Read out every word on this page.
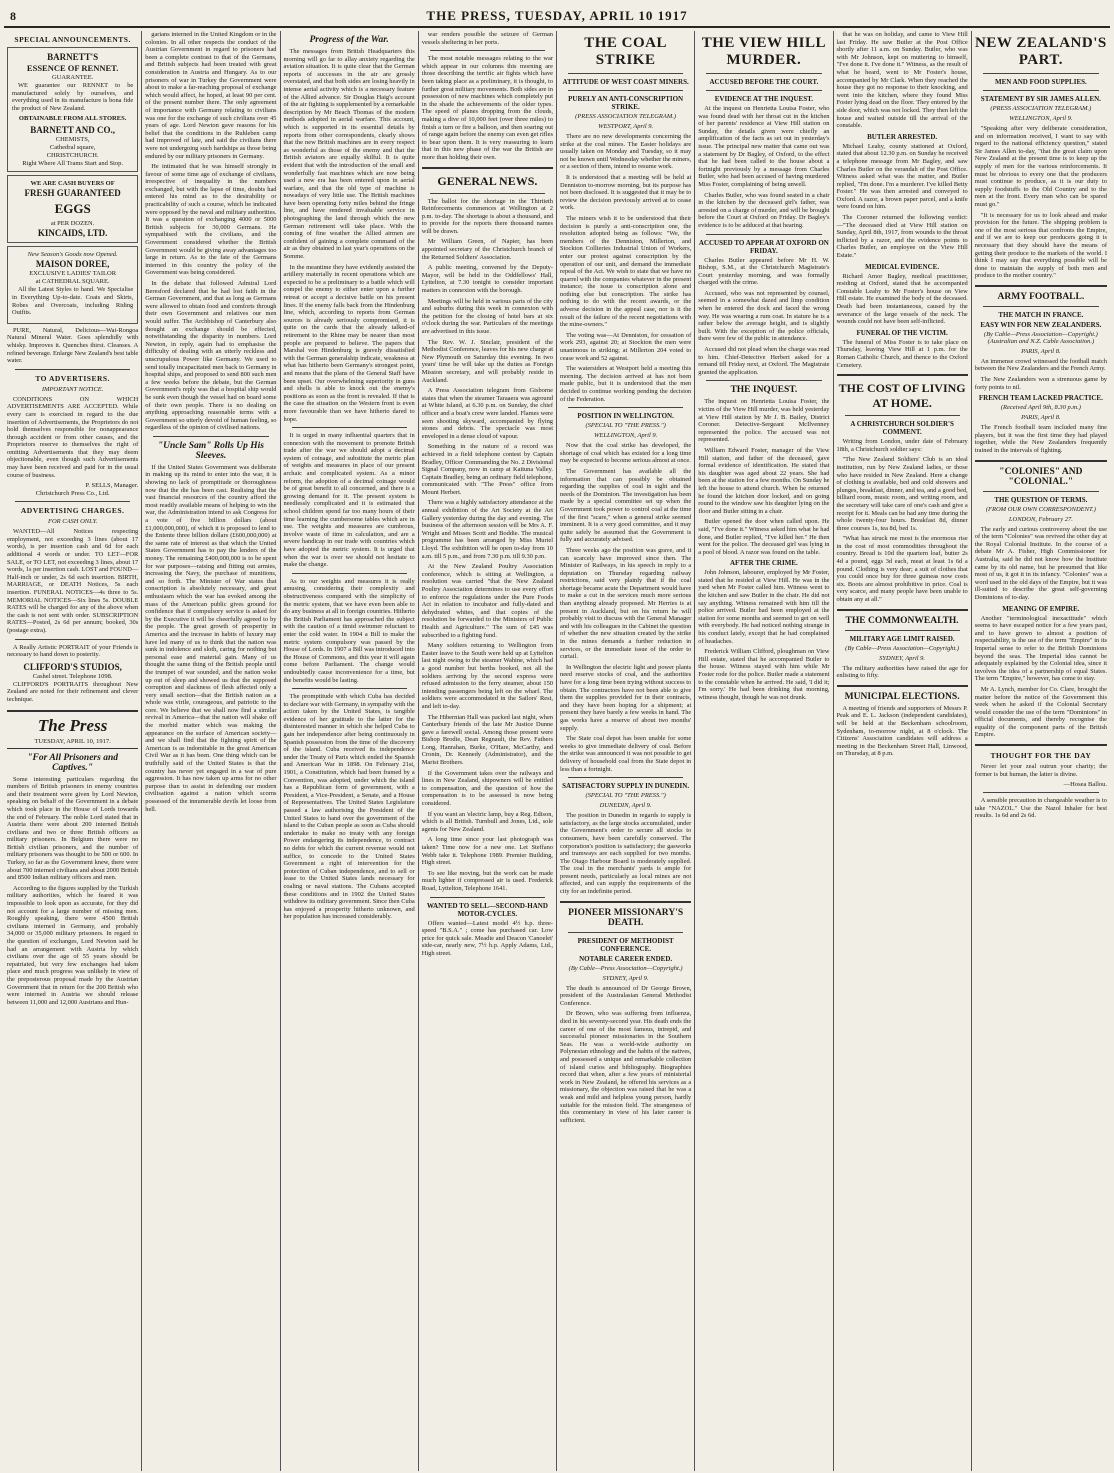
8	THE PRESS, TUESDAY, APRIL 10 1917
SPECIAL ANNOUNCEMENTS.
BARNETT'S
ESSENCE OF RENNET.
GUARANTEE.

WE guarantee our RENNET to be manufactured solely by ourselves, and everything used in its manufacture is bona fide the product of New Zealand.

OBTAINABLE FROM ALL STORES.
BARNETT AND CO.,
CHEMISTS,
Cathedral square,
CHRISTCHURCH.
Right Where All Trams Start and Stop.
WE ARE CASH BUYERS OF
FRESH GUARANTEED
EGGS
at PER DOZEN.
KINCAIDS, LTD.
New Season's Goods now Opened.
MAISON DOREE,
EXCLUSIVE LADIES' TAILOR
at CATHEDRAL SQUARE.

All the Latest Styles to hand. We Specialise in Everything Up-to-date. Coats and Skirts, Robes and Overcoats, including Riding Outfits.

PURE, Natural, Delicious—Wai-Rongoa Natural Mineral Water. Goes splendidly with whisky. Improves it. Quenches thirst. Cleanses. A refined beverage. Enlarge New Zealand's best table water.

TO ADVERTISERS.
IMPORTANT NOTICE.

CONDITIONS ON WHICH ADVERTISEMENTS ARE ACCEPTED. While every care is exercised in regard to the due insertion of Advertisements, the Proprietors do not hold themselves responsible for nonappearance through accident or from other causes, and the Proprietors reserve to themselves the right of omitting Advertisements that they may deem objectionable, even though such Advertisements may have been received and paid for in the usual course of business.

P. SELLS, Manager.
Christchurch Press Co., Ltd.
ADVERTISING CHARGES.
FOR CASH ONLY.

WANTED—All Notices respecting employment, not exceeding 3 lines (about 17 words), is per insertion cash and 6d for each additional 4 words or under. TO LET—FOR SALE, or TO LET, not exceeding 3 lines, about 17 words, 1s per insertion cash. LOST and FOUND—Half-inch or under, 2s 6d each insertion. BIRTH, MARRIAGE, or DEATH Notices, 5s each insertion. FUNERAL NOTICES—4s three to 5s. MEMORIAL NOTICES—Six lines 5s. DOUBLE RATES will be charged for any of the above when the cash is not sent with order. SUBSCRIPTION RATES—Posted, 2s 6d per annum; booked, 30s (postage extra).

A Really Artistic PORTRAIT of your Friends is necessary to hand down to posterity.

CLIFFORD'S STUDIOS,
Cashel street. Telephone 1098.

CLIFFORD'S PORTRAITS throughout New Zealand are noted for their refinement and clever technique.

The Press
TUESDAY, APRIL 10, 1917.
"For All Prisoners and Captives."

Some interesting particulars regarding the numbers of British prisoners in enemy countries and their treatment were given by Lord Newton, speaking on behalf of the Government in a debate which took place in the House of Lords towards the end of February. The noble Lord stated that in Austria there were about 200 interned British civilians and two or three British officers as military prisoners. In Belgium there were no British civilian prisoners, and the number of military prisoners was thought to be 500 or 600. In Turkey, so far as the Government knew, there were about 700 interned civilians and about 2000 British and 8500 Indian military officers and men.

According to the figures supplied by the Turkish military authorities, which he feared it was impossible to look upon as accurate, for they did not account for a large number of missing men. Roughly speaking, there were 4500 British civilians interned in Germany, and probably 34,000 or 35,000 military prisoners. In regard to the question of exchanges, Lord Newton said he had an arrangement with Austria by which civilians over the age of 55 years should be repatriated, but very few exchanges had taken place and much progress was unlikely in view of the preposterous proposal made by the Austrian Government that in return for the 200 British who were interned in Austria we should release between 11,000 and 12,000 Austrians and Hun-

garians interned in the United Kingdom or in the colonies. In all other respects the conduct of the Austrian Government in regard to prisoners had been a complete contrast to that of the Germans, and British subjects had been treated with great consideration in Austria and Hungary. As to our prisoners of war in Turkey the Government were about to make a far-reaching proposal of exchange which would affect, he hoped, at least 90 per cent. of the present number there. The only agreement of importance with Germany relating to civilians was one for the exchange of such civilians over 45 years of age. Lord Newton gave reasons for his belief that the conditions in the Ruhleben camp had improved of late, and said the civilians there were not undergoing such hardships as those being endured by our military prisoners in Germany.

He intimated that he was himself strongly in favour of some time age of exchange of civilians, irrespective of inequality in the numbers exchanged, but with the lapse of time, doubts had entered his mind as to the desirability or practicability of such a course, which he indicated were opposed by the naval and military authorities. It was a question of exchanging 4000 or 5000 British subjects for 30,000 Germans. He sympathised with the civilians, and the Government considered whether the British Government would be giving away advantages too large in return. As to the fate of the Germans interned in this country the policy of the Government was being considered.

In the debate that followed Admiral Lord Beresford declared that he had lost faith in the German Government, and that as long as Germans were allowed to obtain food and comforts through their own Government and relatives our men would suffer. The Archbishop of Canterbury also thought an exchange should be effected, notwithstanding the disparity in numbers. Lord Newton, in reply, again had to emphasise the difficulty of dealing with an utterly reckless and unscrupulous Power like Germany. We used to send totally incapacitated men back to Germany in hospital ships, and proposed to send 800 such men a few weeks before the debate, but the German Government's reply was that a hospital ship would be sunk even though the vessel had on board some of their own people. There is no dealing on anything approaching reasonable terms with a Government so utterly devoid of human feeling, so regardless of the opinion of civilised nations.

"Uncle Sam" Rolls Up His Sleeves.

If the United States Government was deliberate in making up its mind to enter into the war, it is showing no lack of promptitude or thoroughness now that the die has been cast. Realising that the vast financial resources of the country afford the most readily available means of helping to win the war, the Administration intend to ask Congress for a vote of five billion dollars (about £1,000,000,000), of which it is proposed to lend to the Entente three billion dollars (£600,000,000) at the same rate of interest as that which the United States Government has to pay the lenders of the money. The remaining £400,000,000 is to be spent for war purposes—raising and fitting out armies, increasing the Navy, the purchase of munitions, and so forth. The Minister of War states that conscription is absolutely necessary, and great enthusiasm which the war has evoked among the mass of the American public gives ground for confidence that if compulsory service is asked for by the Executive it will be cheerfully agreed to by the people. The great growth of prosperity in America and the increase in habits of luxury may have led many of us to think that the nation was sunk in indolence and sloth, caring for nothing but personal ease and material gain. Many of us thought the same thing of the British people until the trumpet of war sounded, and the nation woke up out of sleep and showed us that the supposed corruption and slackness of flesh affected only a very small section—that the British nation as a whole was virile, courageous, and patriotic to the core. We believe that we shall now find a similar revival in America—that the nation will shake off the morbid matter which was making the appearance on the surface of American society—and we shall find that the fighting spirit of the American is as indomitable in the great American Civil War as it has been. One thing which can be truthfully said of the United States is that the country has never yet engaged in a war of pure aggression. It has now taken up arms for no other purpose than to assist in defending our modern civilisation against a nation which scorns possessed of the innumerable devils let loose from hell.

Progress of the War.

The messages from British Headquarters this morning will go far to allay anxiety regarding the aviation situation. It is quite clear that the German reports of successes in the air are grossly overstated, and that both sides are losing heavily in intense aerial activity which is a necessary feature of the Allied advance. Sir Douglas Haig's account of the air fighting is supplemented by a remarkable description by Mr Beach Thomas of the modern methods adopted in aerial warfare. This account, which is supported in its essential details by reports from other correspondents, clearly shows that the new British machines are in every respect as wonderful as those of the enemy and that the British aviators are equally skilful. It is quite evident that with the introduction of the small and wonderfully fast machines which are now being used a new era has been entered upon in aerial warfare, and that the old type of machine is nowadays of very little use. The British machines have been operating forty miles behind the fringe line, and have rendered invaluable service in photographing the land through which the new German retirement will take place. With the coming of fine weather the Allied airmen are confident of gaining a complete command of the air as they obtained in last year's operations on the Somme.

In the meantime they have evidently assisted the artillery materially in recent operations which are expected to be a preliminary to a battle which will compel the enemy to either enter upon a further retreat or accept a decisive battle on his present lines. If the enemy falls back from the Hindenburg line, which, according to reports from German sources is already seriously compromised, it is quite on the cards that the already talked-of retirement to the Rhine may be nearer than most people are prepared to believe. The papers that Marshal von Hindenburg is gravely dissatisfied with the German generalship indicate, weakness at what has hitherto been Germany's strongest point, and means that the plans of the General Staff have been upset. Our overwhelming superiority in guns and shells is able to knock out the enemy's positions as soon as the front is revealed. If that is the case the situation on the Western front is even more favourable than we have hitherto dared to hope.

It is urged in many influential quarters that in connexion with the movement to promote British trade after the war we should adopt a decimal system of coinage, and substitute the metric plan of weights and measures in place of our present archaic and complicated system. As a minor reform, the adoption of a decimal coinage would be of great benefit to all concerned, and there is a growing demand for it. The present system is needlessly complicated and it is estimated that school children spend far too many hours of their time learning the cumbersome tables which are in use. The weights and measures are cumbrous, involve waste of time in calculation, and are a severe handicap in our trade with countries which have adopted the metric system. It is urged that when the war is over we should not hesitate to make the change.

As to our weights and measures it is really amusing, considering their complexity and obstructiveness compared with the simplicity of the metric system, that we have even been able to do any business at all in foreign countries. Hitherto the British Parliament has approached the subject with the caution of a timid swimmer reluctant to enter the cold water. In 1904 a Bill to make the metric system compulsory was passed by the House of Lords. In 1907 a Bill was introduced into the House of Commons, and this year it will again come before Parliament. The change would undoubtedly cause inconvenience for a time, but the benefits would be lasting.

The promptitude with which Cuba has decided to declare war with Germany, in sympathy with the action taken by the United States, is tangible evidence of her gratitude to the latter for the disinterested manner in which she helped Cuba to gain her independence after being continuously in Spanish possession from the time of the discovery of the island. Cuba received its independence under the Treaty of Paris which ended the Spanish and American War in 1898. On February 21st, 1901, a Constitution, which had been framed by a Convention, was adopted, under which the island has a Republican form of government, with a President, a Vice-President, a Senate, and a House of Representatives. The United States Legislature passed a law authorising the President of the United States to hand over the government of the island to the Cuban people as soon as Cuba should undertake to make no treaty with any foreign Power endangering its independence, to contract no debts for which the current revenue would not suffice, to concede to the United States Government a right of intervention for the protection of Cuban independence, and to sell or lease to the United States lands necessary for coaling or naval stations. The Cubans accepted these conditions and in 1902 the United States withdrew its military government. Since then Cuba has enjoyed a prosperity hitherto unknown, and her population has increased considerably.

war renders possible the seizure of German vessels sheltering in her ports.

The most notable messages relating to the war which appear in our columns this morning are those describing the terrific air fights which have been taking place as a preliminary, it is thought, to further great military movements. Both sides are in possession of new machines which completely put in the shade the achievements of the older types. The speed of planes dropping from the clouds, making a dive of 10,000 feet (over three miles) to finish a turn or fire a balloon, and then soaring out of range again before the enemy can even get rifles to bear upon them. It is very reassuring to learn that in this new phase of the war the British are more than holding their own.

GENERAL NEWS.

The ballot for the shortage in the Thirtieth Reinforcements commences at Wellington at 2 p.m. to-day. The shortage is about a thousand, and to provide for the reports there thousand names will be drawn.

Mr William Green, of Napier, has been appointed secretary of the Christchurch branch of the Returned Soldiers' Association.

A public meeting, convened by the Deputy-Mayor, will be held in the Oddfellows' Hall, Lyttelton, at 7.30 tonight to consider important matters in connexion with the borough.

Meetings will be held in various parts of the city and suburbs during this week in connexion with the petition for the closing of hotel bars at six o'clock during the war. Particulars of the meetings are advertised in this issue.

The Rev. W. J. Sinclair, president of the Methodist Conference, leaves for his new charge at New Plymouth on Saturday this evening. In two years' time he will take up the duties as Foreign Mission secretary, and will probably reside in Auckland.

A Press Association telegram from Gisborne states that when the steamer Taraaera was aground at White Island, at 6.30 p.m. on Sunday, the chief officer and a boat's crew were landed. Flames were seen shooting skyward, accompanied by flying stones and debris. The spectacle was most enveloped in a dense cloud of vapour.

Something in the nature of a record was achieved in a field telephone contest by Captain Bradley, Officer Commanding the No. 2 Divisional Signal Company, now in camp at Kaituna Valley. Captain Bradley, being an ordinary field telephone, communicated with "The Press" office from Mount Herbert.

There was a highly satisfactory attendance at the annual exhibition of the Art Society at the Art Gallery yesterday during the day and evening. The business of the afternoon session will be Mrs A. F. Wright and Misses Scott and Boddie. The musical programme has been arranged by Miss Muriel Lloyd. The exhibition will be open to-day from 10 a.m. till 5 p.m., and from 7.30 p.m. till 9.30 p.m.

At the New Zealand Poultry Association conference, which is sitting at Wellington, a resolution was carried "that the New Zealand Poultry Association determines to use every effort to enforce the regulations under the Pure Foods Act in relation to incubator and fully-dated and dehydrated whites, and that copies of the resolution be forwarded to the Ministers of Public Health and Agriculture." The sum of £45 was subscribed to a fighting fund.

Many soldiers returning to Wellington from Easter leave to the South were held up at Lyttelton last night owing to the steamer Wahine, which had a good number but berths booked, not all the soldiers arriving by the second express were refused admission to the ferry steamer, about 150 intending passengers being left on the wharf. The soldiers were accommodated in the Sailors' Rest, and left to-day.

The Hibernian Hall was packed last night, when Canterbury friends of the late Mr Justice Dunne gave a farewell social. Among those present were Bishop Brodie, Dean Regnault, the Rev. Fathers Long, Hanrahan, Burke, O'Hare, McCarthy, and Cronin, Dr. Kennedy (Administrator), and the Marist Brothers.

If the Government takes over the railways and lines in New Zealand, shipowners will be entitled to compensation, and the question of how the compensation is to be assessed is now being considered.

If you want an 'electric lamp, buy a Reg. Edison, which is all British. Turnbull and Jones, Ltd., sole agents for New Zealand.

A long time since your last photograph was taken? Time now for a new one. Let Steffano Webb take it. Telephone 1989. Premier Building, High street.

To see like moving, but the work can be made much lighter if compressed air is used. Frederick Road, Lyttelton, Telephone 1641.

WANTED TO SELL—SECOND-HAND MOTOR-CYCLES.

Offers wanted—Latest model 4½ h.p. three-speed "B.S.A." ; come has purchased car. Low price for quick sale. Meadie and Deacon 'Canoelet' side-car, nearly new, 7½ h.p. Apply Adams, Ltd., High street.

THE COAL STRIKE
ATTITUDE OF WEST COAST MINERS.
PURELY AN ANTI-CONSCRIPTION STRIKE.
(PRESS ASSOCIATION TELEGRAM.)
WESTPORT, April 9.

There are no new developments concerning the strike at the coal mines. The Easter holidays are usually taken on Monday and Tuesday, so it may not be known until Wednesday whether the miners, or a section of them, intend to resume work.

It is understood that a meeting will be held at Denniston to-morrow morning, but its purpose has not been disclosed. It is suggested that it may be to review the decision previously arrived at to cease work.

The miners wish it to be understood that their decision is purely a anti-conscription one, the resolution adopted being as follows: "We, the members of the Denniston, Millerton, and Stockton Collieries Industrial Union of Workers, enter our protest against conscription by the operation of our unit, and demand the immediate repeal of the Act. We wish to state that we have no quarrel with the companies whatever in the present instance; the issue is conscription alone and nothing else but conscription. The strike has nothing to do with the recent awards, or the adverse decision in the appeal case, nor is it the result of the failure of the recent negotiations with the mine-owners."

The voting was—At Denniston, for cessation of work 293, against 20; at Stockton the men were unanimous in striking; at Millerton 204 voted to cease work and 52 against.

The watersiders at Westport held a meeting this morning. The decision arrived at has not been made public, but it is understood that the men decided to continue working pending the decision of the Federation.

POSITION IN WELLINGTON.
(SPECIAL TO "THE PRESS.")
WELLINGTON, April 9.

Now that the coal strike has developed, the shortage of coal which has existed for a long time may be expected to become serious almost at once.

The Government has available all the information that can possibly be obtained regarding the supplies of coal in sight and the needs of the Dominion. The investigation has been made by a special committee set up when the Government took power to control coal at the time of the first "scare," when a general strike seemed imminent. It is a very good committee, and it may quite safely be assumed that the Government is fully and accurately advised.

Three weeks ago the position was grave, and it can scarcely have improved since then. The Minister of Railways, in his speech in reply to a deputation on Thursday regarding railway restrictions, said very plainly that if the coal shortage became acute the Department would have to make a cut in the services much more serious than anything already proposed. Mr Herries is at present in Auckland, but on his return he will probably visit to discuss with the General Manager and with his colleagues in the Cabinet the question of whether the new situation created by the strike in the mines demands a further reduction in services, or the immediate issue of the order to curtail.

In Wellington the electric light and power plants need reserve stocks of coal, and the authorities have for a long time been trying without success to obtain. The contractors have not been able to give them the supplies provided for in their contracts, and they have been hoping for a shipment; at present they have barely a few weeks in hand. The gas works have a reserve of about two months' supply.

The State coal depot has been unable for some weeks to give immediate delivery of coal. Before the strike was announced it was not possible to get delivery of household coal from the State depot in less than a fortnight.

SATISFACTORY SUPPLY IN DUNEDIN.
(SPECIAL TO "THE PRESS.")
DUNEDIN, April 9.

The position in Dunedin in regards to supply is satisfactory, as the large stocks accumulated, under the Government's order to secure all stocks to consumers, have been carefully conserved. The corporation's position is satisfactory; the gasworks and tramways are each supplied for two months. The Otago Harbour Board is moderately supplied. The coal in the merchants' yards is ample for present needs, particularly as local mines are not affected, and can supply the requirements of the city for an indefinite period.

PIONEER MISSIONARY'S DEATH.
PRESIDENT OF METHODIST CONFERENCE.
NOTABLE CAREER ENDED.
(By Cable—Press Association—Copyright.)
SYDNEY, April 9.

The death is announced of Dr George Brown, president of the Australasian General Methodist Conference.

Dr Brown, who was suffering from influenza, died in his seventy-second year. His death ends the career of one of the most famous, intrepid, and successful pioneer missionaries in the Southern Seas. He was a world-wide authority on Polynesian ethnology and the habits of the natives, and possessed a unique and remarkable collection of island curios and bibliography. Biographies record that when, after a few years of ministerial work in New Zealand, he offered his services as a missionary, the objection was raised that he was a weak and mild and helpless young person, hardly suitable for the mission field. The strangeness of this commentary in view of his later career is sufficient.

THE VIEW HILL MURDER.
ACCUSED BEFORE THE COURT.
EVIDENCE AT THE INQUEST.

At the inquest on Henrietta Louisa Foster, who was found dead with her throat cut in the kitchen of her parents' residence at View Hill station on Sunday, the details given were chiefly an amplification of the facts as set out in yesterday's issue. The principal new matter that came out was a statement by Dr Bagley, of Oxford, to the effect that he had been called to the house about a fortnight previously by a message from Charles Butler, who had been accused of having murdered Miss Foster, complaining of being unwell.

Charles Butler, who was found seated in a chair in the kitchen by the deceased girl's father, was arrested on a charge of murder, and will be brought before the Court at Oxford on Friday. Dr Bagley's evidence is to be adduced at that hearing.

ACCUSED TO APPEAR AT OXFORD ON FRIDAY.

Charles Butler appeared before Mr H. W. Bishop, S.M., at the Christchurch Magistrate's Court yesterday morning, and was formally charged with the crime.

Accused, who was not represented by counsel, seemed in a somewhat dazed and limp condition when he entered the dock and faced the wrong way. He was wearing a rum coat. In stature he is a rather below the average height, and is slightly built. With the exception of the police officials, there were few of the public in attendance.

Accused did not plead when the charge was read to him. Chief-Detective Herbert asked for a remand till Friday next, at Oxford. The Magistrate granted the application.

THE INQUEST.

The inquest on Henrietta Louisa Foster, the victim of the View Hill murder, was held yesterday at View Hill station by Mr J. B. Bailey, District Coroner. Detective-Sergeant McIlvenney represented the police. The accused was not represented.

William Edward Foster, manager of the View Hill station, and father of the deceased, gave formal evidence of identification. He stated that his daughter was aged about 22 years. She had been at the station for a few months. On Sunday he left the house to attend church. When he returned he found the kitchen door locked, and on going round to the window saw his daughter lying on the floor and Butler sitting in a chair.

Butler opened the door when called upon. He said, "I've done it." Witness asked him what he had done, and Butler replied, "I've killed her." He then went for the police. The deceased girl was lying in a pool of blood. A razor was found on the table.

AFTER THE CRIME.

John Johnson, labourer, employed by Mr Foster, stated that he resided at View Hill. He was in the yard when Mr Foster called him. Witness went to the kitchen and saw Butler in the chair. He did not say anything. Witness remained with him till the police arrived. Butler had been employed at the station for some months and seemed to get on well with everybody. He had noticed nothing strange in his conduct lately, except that he had complained of headaches.

Frederick William Clifford, ploughman on View Hill estate, stated that he accompanied Butler to the house. Witness stayed with him while Mr Foster rode for the police. Butler made a statement to the constable when he arrived. He said, 'I did it; I'm sorry.' He had been drinking that morning, witness thought, though he was not drunk.

that he was on holiday, and came to View Hill last Friday. He saw Butler at the Post Office shortly after 11 a.m. on Sunday. Butler, who was with Mr Johnson, kept on muttering to himself, "I've done it. I've done it." Witness, as the result of what he heard, went to Mr Foster's house, accompanied by Mr Clark. When they reached the house they got no response to their knocking, and went into the kitchen, where they found Miss Foster lying dead on the floor. They entered by the side door, which was not locked. They then left the house and waited outside till the arrival of the constable.

BUTLER ARRESTED.

Michael Leahy, county stationed at Oxford, stated that about 12.30 p.m. on Sunday he received a telephone message from Mr Bagley, and saw Charles Butler on the verandah of the Post Office. Witness asked what was the matter, and Butler replied, "I'm done. I'm a murderer. I've killed Betty Foster." He was then arrested and conveyed to Oxford. A razor, a brown paper parcel, and a knife were found on him.

The Coroner returned the following verdict:—"The deceased died at View Hill station on Sunday, April 8th, 1917, from wounds to the throat inflicted by a razor, and the evidence points to Charles Butler, an employee on the View Hill Estate."

MEDICAL EVIDENCE.

Richard Amor Bagley, medical practitioner, residing at Oxford, stated that he accompanied Constable Leahy to Mr Foster's house on View Hill estate. He examined the body of the deceased. Death had been instantaneous, caused by the severance of the large vessels of the neck. The wounds could not have been self-inflicted.

FUNERAL OF THE VICTIM.

The funeral of Miss Foster is to take place on Thursday, leaving View Hill at 1 p.m. for the Roman Catholic Church, and thence to the Oxford Cemetery.

THE COST OF LIVING AT HOME.
A CHRISTCHURCH SOLDIER'S COMMENT.

Writing from London, under date of February 18th, a Christchurch soldier says:

"The New Zealand Soldiers' Club is an ideal institution, run by New Zealand ladies, or those who have resided in New Zealand. Here a change of clothing is available, bed and cold showers and plunges, breakfast, dinner, and tea, and a good bed, billiard room, music room, and writing room, and the secretary will take care of one's cash and give a receipt for it. Meals can be had any time during the whole twenty-four hours. Breakfast 8d, dinner three courses 1s, tea 8d, bed 1s.

"What has struck me most is the enormous rise in the cost of most commodities throughout the country. Bread is 10d the quartern loaf, butter 2s 4d a pound, eggs 3d each, meat at least 1s 6d a pound. Clothing is very dear; a suit of clothes that you could once buy for three guineas now costs six. Boots are almost prohibitive in price. Coal is very scarce, and many people have been unable to obtain any at all."

THE COMMONWEALTH.
MILITARY AGE LIMIT RAISED.
(By Cable—Press Association—Copyright.)
SYDNEY, April 9.

The military authorities have raised the age for enlisting to fifty.

MUNICIPAL ELECTIONS.

A meeting of friends and supporters of Messrs P. Peak and E. L. Jackson (independent candidates), will be held at the Beckenham schoolroom, Sydenham, to-morrow night, at 8 o'clock. The Citizens' Association candidates will address a meeting in the Beckenham Street Hall, Linwood, on Thursday, at 8 p.m.

NEW ZEALAND'S PART.
MEN AND FOOD SUPPLIES.
STATEMENT BY SIR JAMES ALLEN.
(PRESS ASSOCIATION TELEGRAM.)
WELLINGTON, April 9.

"Speaking after very deliberate consideration, and on information received, I want to say with regard to the national efficiency question," stated Sir James Allen to-day, "that the great claim upon New Zealand at the present time is to keep up the supply of men for the various reinforcements. It must be obvious to every one that the producers must continue to produce, as it is our duty to supply foodstuffs to the Old Country and to the men at the front. Every man who can be spared must go."

"It is necessary for us to look ahead and make provision for the future. The shipping problem is one of the most serious that confronts the Empire, and if we are to keep our producers going it is necessary that they should have the means of getting their produce to the markets of the world. I think I may say that everything possible will be done to maintain the supply of both men and produce to the mother country."

ARMY FOOTBALL.
THE MATCH IN FRANCE.
EASY WIN FOR NEW ZEALANDERS.
(By Cable—Press Association—Copyright.) (Australian and N.Z. Cable Association.)
PARIS, April 8.

An immense crowd witnessed the football match between the New Zealanders and the French Army.

The New Zealanders won a strenuous game by forty points to nil.

FRENCH TEAM LACKED PRACTICE.
(Received April 9th, 8.30 p.m.)
PARIS, April 8.

The French football team included many fine players, but it was the first time they had played together, while the New Zealanders frequently trained in the intervals of fighting.

"COLONIES" AND "COLONIAL."
THE QUESTION OF TERMS.
(FROM OUR OWN CORRESPONDENT.)
LONDON, February 27.

The early and curious controversy about the use of the term "Colonies" was revived the other day at the Royal Colonial Institute. In the course of a debate Mr A. Fisher, High Commissioner for Australia, said he did not know how the Institute came by its old name, but he presumed that like most of us, it got it in its infancy. "Colonies" was a word used in the old days of the Empire, but it was ill-suited to describe the great self-governing Dominions of to-day.

MEANING OF EMPIRE.

Another "terminological inexactitude" which seems to have escaped notice for a few years past, and to have grown to almost a position of respectability, is the use of the term "Empire" in its Imperial sense to refer to the British Dominions beyond the seas. The Imperial idea cannot be adequately explained by the Colonial idea, since it involves the idea of a partnership of equal States. The term "Empire," however, has come to stay.

Mr A. Lynch, member for Co. Clare, brought the matter before the notice of the Government this week when he asked if the Colonial Secretary would consider the use of the term "Dominions" in official documents, and thereby recognise the equality of the component parts of the British Empire.

THOUGHT FOR THE DAY

Never let your zeal outrun your charity; the former is but human, the latter is divine.

—Hosea Ballou.

A sensible precaution in changeable weather is to take "NAZOL." Use the Nazol Inhaler for best results. 1s 6d and 2s 6d.
